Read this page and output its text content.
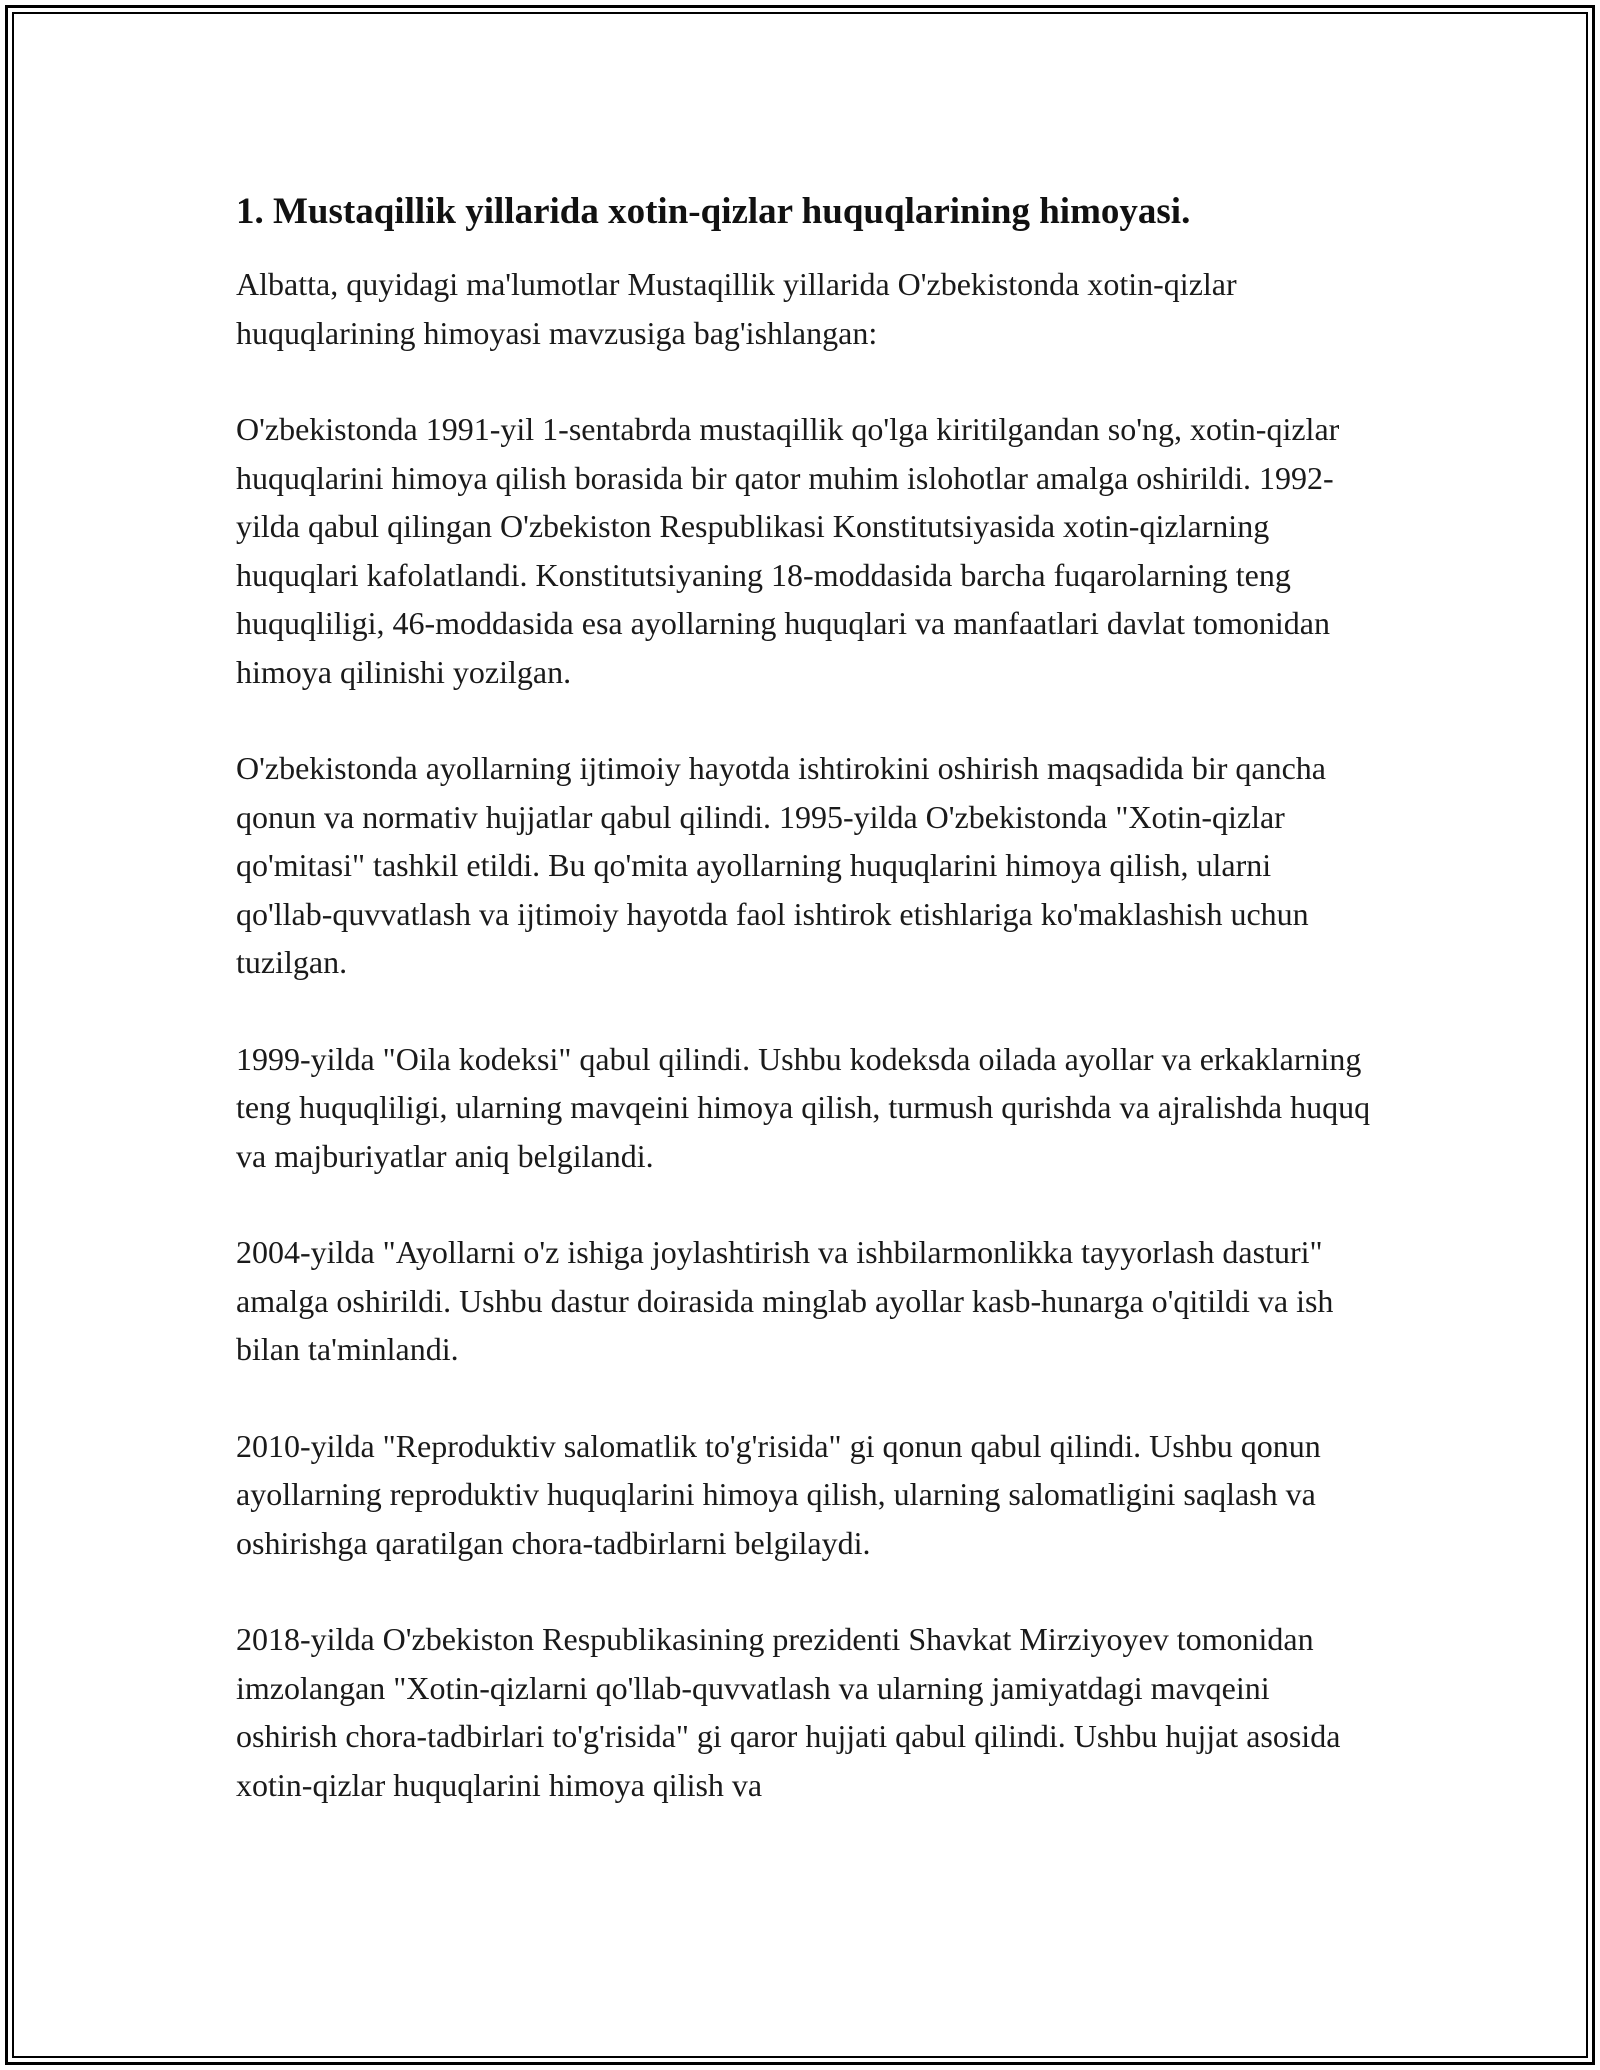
1. Mustaqillik yillarida xotin-qizlar huquqlarining himoyasi.

Albatta, quyidagi ma'lumotlar Mustaqillik yillarida O'zbekistonda xotin-qizlar huquqlarining himoyasi mavzusiga bag'ishlangan:

O'zbekistonda 1991-yil 1-sentabrda mustaqillik qo'lga kiritilgandan so'ng, xotin-qizlar huquqlarini himoya qilish borasida bir qator muhim islohotlar amalga oshirildi. 1992-yilda qabul qilingan O'zbekiston Respublikasi Konstitutsiyasida xotin-qizlarning huquqlari kafolatlandi. Konstitutsiyaning 18-moddasida barcha fuqarolarning teng huquqliligi, 46-moddasida esa ayollarning huquqlari va manfaatlari davlat tomonidan himoya qilinishi yozilgan.

O'zbekistonda ayollarning ijtimoiy hayotda ishtirokini oshirish maqsadida bir qancha qonun va normativ hujjatlar qabul qilindi. 1995-yilda O'zbekistonda "Xotin-qizlar qo'mitasi" tashkil etildi. Bu qo'mita ayollarning huquqlarini himoya qilish, ularni qo'llab-quvvatlash va ijtimoiy hayotda faol ishtirok etishlariga ko'maklashish uchun tuzilgan.

1999-yilda "Oila kodeksi" qabul qilindi. Ushbu kodeksda oilada ayollar va erkaklarning teng huquqliligi, ularning mavqeini himoya qilish, turmush qurishda va ajralishda huquq va majburiyatlar aniq belgilandi.

2004-yilda "Ayollarni o'z ishiga joylashtirish va ishbilarmonlikka tayyorlash dasturi" amalga oshirildi. Ushbu dastur doirasida minglab ayollar kasb-hunarga o'qitildi va ish bilan ta'minlandi.

2010-yilda "Reproduktiv salomatlik to'g'risida" gi qonun qabul qilindi. Ushbu qonun ayollarning reproduktiv huquqlarini himoya qilish, ularning salomatligini saqlash va oshirishga qaratilgan chora-tadbirlarni belgilaydi.

2018-yilda O'zbekiston Respublikasining prezidenti Shavkat Mirziyoyev tomonidan imzolangan "Xotin-qizlarni qo'llab-quvvatlash va ularning jamiyatdagi mavqeini oshirish chora-tadbirlari to'g'risida" gi qaror hujjati qabul qilindi. Ushbu hujjat asosida xotin-qizlar huquqlarini himoya qilish va
